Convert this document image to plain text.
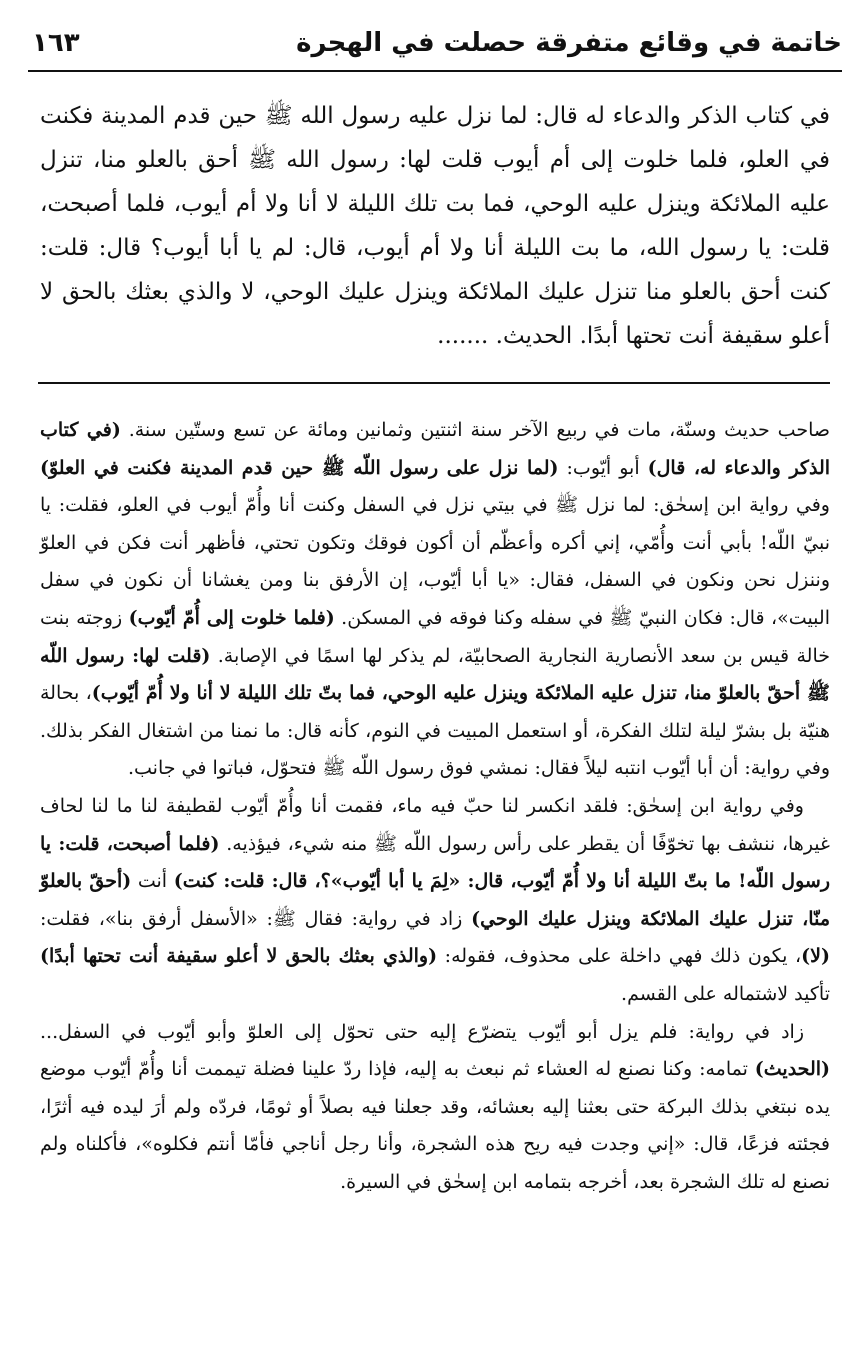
خاتمة في وقائع متفرقة حصلت في الهجرة
١٦٣
في كتاب الذكر والدعاء له قال: لما نزل عليه رسول الله ﷺ حين قدم المدينة فكنت في العلو، فلما خلوت إلى أم أيوب قلت لها: رسول الله ﷺ أحق بالعلو منا، تنزل عليه الملائكة وينزل عليه الوحي، فما بت تلك الليلة لا أنا ولا أم أيوب، فلما أصبحت، قلت: يا رسول الله، ما بت الليلة أنا ولا أم أيوب، قال: لم يا أبا أيوب؟ قال: قلت: كنت أحق بالعلو منا تنزل عليك الملائكة وينزل عليك الوحي، لا والذي بعثك بالحق لا أعلو سقيفة أنت تحتها أبدًا. الحديث. .......

صاحب حديث وسنّة، مات في ربيع الآخر سنة اثنتين وثمانين ومائة عن تسع وستّين سنة. (في كتاب الذكر والدعاء له، قال) أبو أيّوب: (لما نزل على رسول اللّه ﷺ حين قدم المدينة فكنت في العلوّ) وفي رواية ابن إسحٰق: لما نزل ﷺ في بيتي نزل في السفل وكنت أنا وأُمّ أيوب في العلو، فقلت: يا نبيّ اللّه! بأبي أنت وأُمّي، إني أكره وأعظّم أن أكون فوقك وتكون تحتي، فأظهر أنت فكن في العلوّ وننزل نحن ونكون في السفل، فقال: «يا أبا أيّوب، إن الأرفق بنا ومن يغشانا أن نكون في سفل البيت»، قال: فكان النبيّ ﷺ في سفله وكنا فوقه في المسكن. (فلما خلوت إلى أُمّ أيّوب) زوجته بنت خالة قيس بن سعد الأنصارية النجارية الصحابيّة، لم يذكر لها اسمًا في الإصابة. (قلت لها: رسول اللّه ﷺ أحقّ بالعلوّ منا، تنزل عليه الملائكة وينزل عليه الوحي، فما بتّ تلك الليلة لا أنا ولا أُمّ أيّوب)، بحالة هنيّة بل بشرّ ليلة لتلك الفكرة، أو استعمل المبيت في النوم، كأنه قال: ما نمنا من اشتغال الفكر بذلك. وفي رواية: أن أبا أيّوب انتبه ليلاً فقال: نمشي فوق رسول اللّه ﷺ فتحوّل، فباتوا في جانب.

وفي رواية ابن إسحٰق: فلقد انكسر لنا حبّ فيه ماء، فقمت أنا وأُمّ أيّوب لقطيفة لنا ما لنا لحاف غيرها، ننشف بها تخوّفًا أن يقطر على رأس رسول اللّه ﷺ منه شيء، فيؤذيه. (فلما أصبحت، قلت: يا رسول اللّه! ما بتّ الليلة أنا ولا أُمّ أيّوب، قال: «لِمَ يا أبا أيّوب»؟، قال: قلت: كنت) أنت (أحقّ بالعلوّ منّا، تنزل عليك الملائكة وينزل عليك الوحي) زاد في رواية: فقال ﷺ: «الأسفل أرفق بنا»، فقلت: (لا)، يكون ذلك فهي داخلة على محذوف، فقوله: (والذي بعثك بالحق لا أعلو سقيفة أنت تحتها أبدًا) تأكيد لاشتماله على القسم.

زاد في رواية: فلم يزل أبو أيّوب يتضرّع إليه حتى تحوّل إلى العلوّ وأبو أيّوب في السفل... (الحديث) تمامه: وكنا نصنع له العشاء ثم نبعث به إليه، فإذا ردّ علينا فضلة تيممت أنا وأُمّ أيّوب موضع يده نبتغي بذلك البركة حتى بعثنا إليه بعشائه، وقد جعلنا فيه بصلاً أو ثومًا، فردّه ولم أرَ ليده فيه أثرًا، فجئته فزعًا، قال: «إني وجدت فيه ريح هذه الشجرة، وأنا رجل أناجي فأمّا أنتم فكلوه»، فأكلناه ولم نصنع له تلك الشجرة بعد، أخرجه بتمامه ابن إسحٰق في السيرة.
